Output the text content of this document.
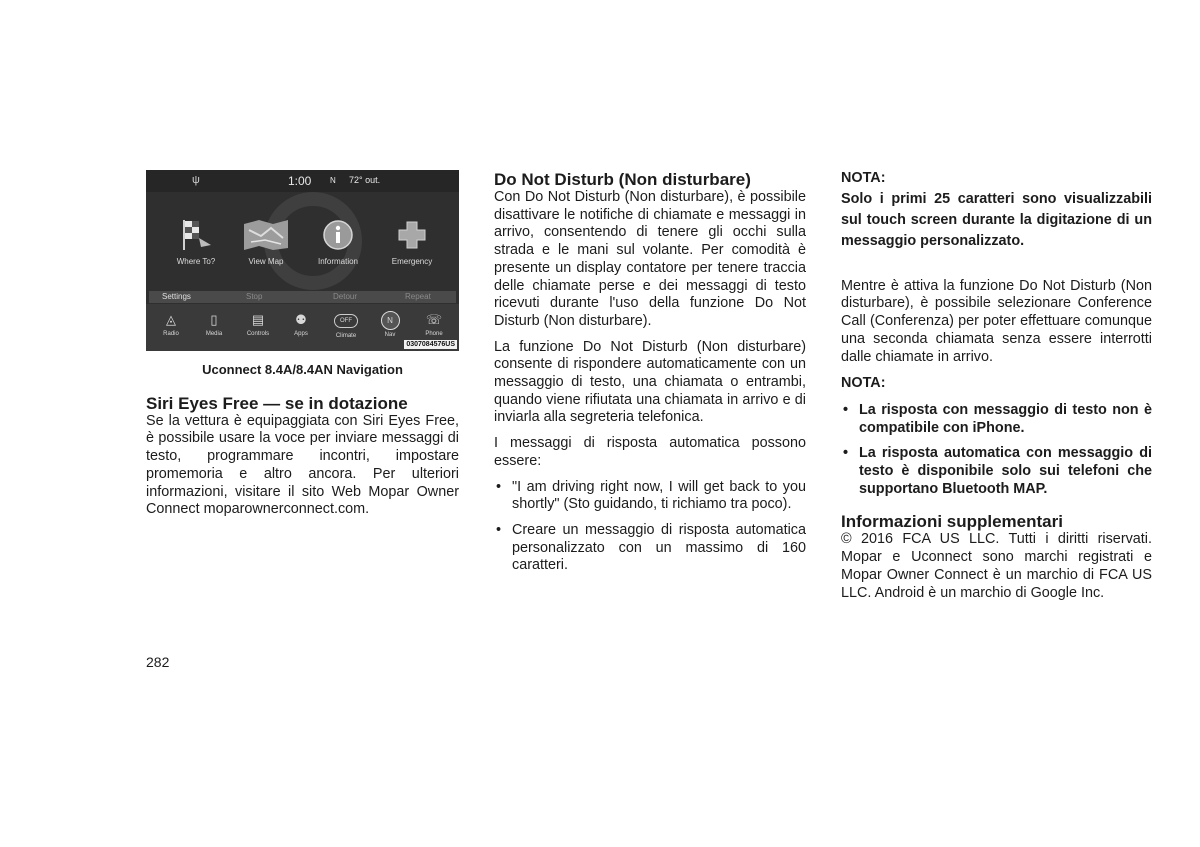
ψ	1:00 N 72° out.
Where To?	View Map	Information	Emergency
Settings	Stop	Detour	Repeat
◬
Radio
▯
Media
▤
Controls
⚉
Apps
OFF
Climate
N
Nav
☏
Phone
0307084576US

Uconnect 8.4A/8.4AN Navigation

Siri Eyes Free — se in dotazione

Se la vettura è equipaggiata con Siri Eyes Free, è possibile usare la voce per inviare messaggi di testo, programmare incontri, impostare promemoria e altro ancora. Per ulteriori informazioni, visitare il sito Web Mopar Owner Connect moparownerconnect.com.

Do Not Disturb (Non disturbare)

Con Do Not Disturb (Non disturbare), è possibile disattivare le notifiche di chiamate e messaggi in arrivo, consentendo di tenere gli occhi sulla strada e le mani sul volante. Per comodità è presente un display contatore per tenere traccia delle chiamate perse e dei messaggi di testo ricevuti durante l'uso della funzione Do Not Disturb (Non disturbare).

La funzione Do Not Disturb (Non disturbare) consente di rispondere automaticamente con un messaggio di testo, una chiamata o entrambi, quando viene rifiutata una chiamata in arrivo e di inviarla alla segreteria telefonica.

I messaggi di risposta automatica possono essere:

• "I am driving right now, I will get back to you shortly" (Sto guidando, ti richiamo tra poco).
• Creare un messaggio di risposta automatica personalizzato con un massimo di 160 caratteri.

NOTA:

Solo i primi 25 caratteri sono visualizzabili sul touch screen durante la digitazione di un messaggio personalizzato.

Mentre è attiva la funzione Do Not Disturb (Non disturbare), è possibile selezionare Conference Call (Conferenza) per poter effettuare comunque una seconda chiamata senza essere interrotti dalle chiamate in arrivo.

NOTA:

• La risposta con messaggio di testo non è compatibile con iPhone.
• La risposta automatica con messaggio di testo è disponibile solo sui telefoni che supportano Bluetooth MAP.

Informazioni supplementari

© 2016 FCA US LLC. Tutti i diritti riservati. Mopar e Uconnect sono marchi registrati e Mopar Owner Connect è un marchio di FCA US LLC. Android è un marchio di Google Inc.

282
